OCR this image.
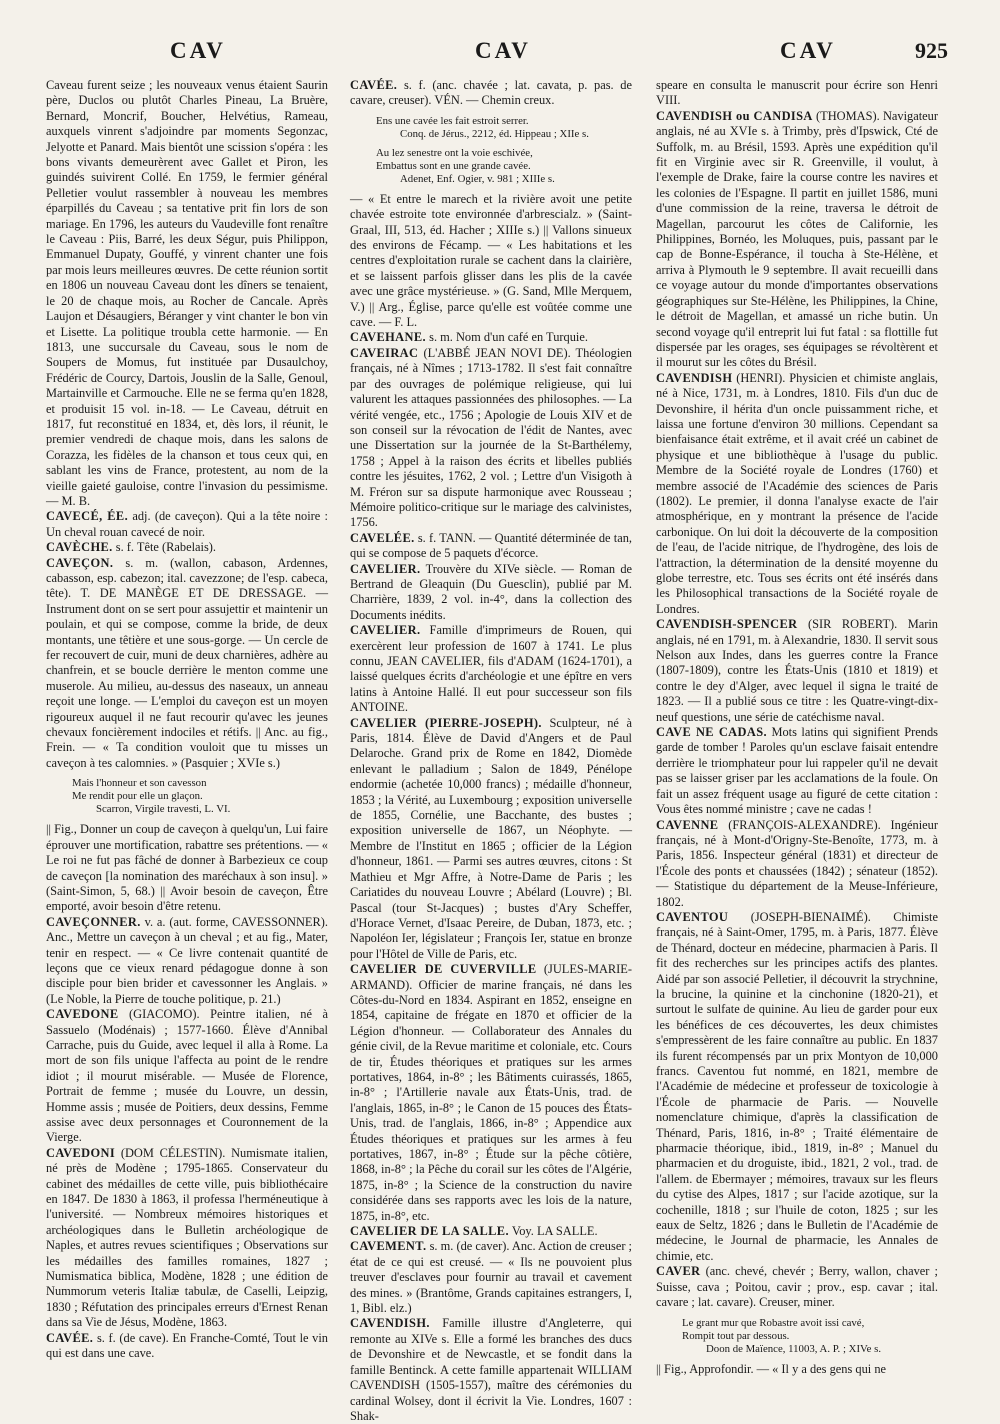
CAV	CAV	CAV	925

Caveau furent seize ; les nouveaux venus étaient Saurin père, Duclos ou plutôt Charles Pineau, La Bruère, Bernard, Moncrif, Boucher, Helvétius, Rameau, auxquels vinrent s'adjoindre par moments Segonzac, Jelyotte et Panard. Mais bientôt une scission s'opéra : les bons vivants demeurèrent avec Gallet et Piron, les guindés suivirent Collé. En 1759, le fermier général Pelletier voulut rassembler à nouveau les membres éparpillés du Caveau ; sa tentative prit fin lors de son mariage. En 1796, les auteurs du Vaudeville font renaître le Caveau : Piis, Barré, les deux Ségur, puis Philippon, Emmanuel Dupaty, Gouffé, y vinrent chanter une fois par mois leurs meilleures œuvres. De cette réunion sortit en 1806 un nouveau Caveau dont les dîners se tenaient, le 20 de chaque mois, au Rocher de Cancale. Après Laujon et Désaugiers, Béranger y vint chanter le bon vin et Lisette. La politique troubla cette harmonie. — En 1813, une succursale du Caveau, sous le nom de Soupers de Momus, fut instituée par Dusaulchoy, Frédéric de Courcy, Dartois, Jouslin de la Salle, Genoul, Martainville et Carmouche. Elle ne se ferma qu'en 1828, et produisit 15 vol. in-18. — Le Caveau, détruit en 1817, fut reconstitué en 1834, et, dès lors, il réunit, le premier vendredi de chaque mois, dans les salons de Corazza, les fidèles de la chanson et tous ceux qui, en sablant les vins de France, protestent, au nom de la vieille gaieté gauloise, contre l'invasion du pessimisme. — M. B.

CAVECÉ, ÉE. adj. (de caveçon). Qui a la tête noire : Un cheval rouan cavecé de noir.

CAVÈCHE. s. f. Tête (Rabelais).

CAVEÇON. s. m. (wallon, cabason, Ardennes, cabasson, esp. cabezon; ital. cavezzone; de l'esp. cabeca, tête). T. DE MANÈGE ET DE DRESSAGE. — Instrument dont on se sert pour assujettir et maintenir un poulain, et qui se compose, comme la bride, de deux montants, une têtière et une sous-gorge. — Un cercle de fer recouvert de cuir, muni de deux charnières, adhère au chanfrein, et se boucle derrière le menton comme une muserole. Au milieu, au-dessus des naseaux, un anneau reçoit une longe. — L'emploi du caveçon est un moyen rigoureux auquel il ne faut recourir qu'avec les jeunes chevaux foncièrement indociles et rétifs. || Anc. au fig., Frein. — « Ta condition vouloit que tu misses un caveçon à tes calomnies. » (Pasquier ; XVIe s.)

Mais l'honneur et son cavesson
Me rendit pour elle un glaçon.
Scarron, Virgile travesti, L. VI.

|| Fig., Donner un coup de caveçon à quelqu'un, Lui faire éprouver une mortification, rabattre ses prétentions. — « Le roi ne fut pas fâché de donner à Barbezieux ce coup de caveçon [la nomination des maréchaux à son insu]. » (Saint-Simon, 5, 68.) || Avoir besoin de caveçon, Être emporté, avoir besoin d'être retenu.

CAVEÇONNER. v. a. (aut. forme, CAVESSONNER). Anc., Mettre un caveçon à un cheval ; et au fig., Mater, tenir en respect. — « Ce livre contenait quantité de leçons que ce vieux renard pédagogue donne à son disciple pour bien brider et cavessonner les Anglais. » (Le Noble, la Pierre de touche politique, p. 21.)

CAVEDONE (GIACOMO). Peintre italien, né à Sassuelo (Modénais) ; 1577-1660. Élève d'Annibal Carrache, puis du Guide, avec lequel il alla à Rome. La mort de son fils unique l'affecta au point de le rendre idiot ; il mourut misérable. — Musée de Florence, Portrait de femme ; musée du Louvre, un dessin, Homme assis ; musée de Poitiers, deux dessins, Femme assise avec deux personnages et Couronnement de la Vierge.

CAVEDONI (DOM CÉLESTIN). Numismate italien, né près de Modène ; 1795-1865. Conservateur du cabinet des médailles de cette ville, puis bibliothécaire en 1847. De 1830 à 1863, il professa l'herméneutique à l'université. — Nombreux mémoires historiques et archéologiques dans le Bulletin archéologique de Naples, et autres revues scientifiques ; Observations sur les médailles des familles romaines, 1827 ; Numismatica biblica, Modène, 1828 ; une édition de Nummorum veteris Italiæ tabulæ, de Caselli, Leipzig, 1830 ; Réfutation des principales erreurs d'Ernest Renan dans sa Vie de Jésus, Modène, 1863.

CAVÉE. s. f. (de cave). En Franche-Comté, Tout le vin qui est dans une cave.

CAVÉE. s. f. (anc. chavée ; lat. cavata, p. pas. de cavare, creuser). VÉN. — Chemin creux.

Ens une cavée les fait estroit serrer.
Conq. de Jérus., 2212, éd. Hippeau ; XIIe s.
Au lez senestre ont la voie eschivée,
Embattus sont en une grande cavée.
Adenet, Enf. Ogier, v. 981 ; XIIIe s.

— « Et entre le marech et la rivière avoit une petite chavée estroite tote environnée d'arbrescialz. » (Saint-Graal, III, 513, éd. Hacher ; XIIIe s.) || Vallons sinueux des environs de Fécamp. — « Les habitations et les centres d'exploitation rurale se cachent dans la clairière, et se laissent parfois glisser dans les plis de la cavée avec une grâce mystérieuse. » (G. Sand, Mlle Merquem, V.) || Arg., Église, parce qu'elle est voûtée comme une cave. — F. L.

CAVEHANE. s. m. Nom d'un café en Turquie.

CAVEIRAC (L'ABBÉ JEAN NOVI DE). Théologien français, né à Nîmes ; 1713-1782. Il s'est fait connaître par des ouvrages de polémique religieuse, qui lui valurent les attaques passionnées des philosophes. — La vérité vengée, etc., 1756 ; Apologie de Louis XIV et de son conseil sur la révocation de l'édit de Nantes, avec une Dissertation sur la journée de la St-Barthélemy, 1758 ; Appel à la raison des écrits et libelles publiés contre les jésuites, 1762, 2 vol. ; Lettre d'un Visigoth à M. Fréron sur sa dispute harmonique avec Rousseau ; Mémoire politico-critique sur le mariage des calvinistes, 1756.

CAVELÉE. s. f. TANN. — Quantité déterminée de tan, qui se compose de 5 paquets d'écorce.

CAVELIER. Trouvère du XIVe siècle. — Roman de Bertrand de Gleaquin (Du Guesclin), publié par M. Charrière, 1839, 2 vol. in-4°, dans la collection des Documents inédits.

CAVELIER. Famille d'imprimeurs de Rouen, qui exercèrent leur profession de 1607 à 1741. Le plus connu, JEAN CAVELIER, fils d'ADAM (1624-1701), a laissé quelques écrits d'archéologie et une épître en vers latins à Antoine Hallé. Il eut pour successeur son fils ANTOINE.

CAVELIER (PIERRE-JOSEPH). Sculpteur, né à Paris, 1814. Élève de David d'Angers et de Paul Delaroche. Grand prix de Rome en 1842, Diomède enlevant le palladium ; Salon de 1849, Pénélope endormie (achetée 10,000 francs) ; médaille d'honneur, 1853 ; la Vérité, au Luxembourg ; exposition universelle de 1855, Cornélie, une Bacchante, des bustes ; exposition universelle de 1867, un Néophyte. — Membre de l'Institut en 1865 ; officier de la Légion d'honneur, 1861. — Parmi ses autres œuvres, citons : St Mathieu et Mgr Affre, à Notre-Dame de Paris ; les Cariatides du nouveau Louvre ; Abélard (Louvre) ; Bl. Pascal (tour St-Jacques) ; bustes d'Ary Scheffer, d'Horace Vernet, d'Isaac Pereire, de Duban, 1873, etc. ; Napoléon Ier, législateur ; François Ier, statue en bronze pour l'Hôtel de Ville de Paris, etc.

CAVELIER DE CUVERVILLE (JULES-MARIE-ARMAND). Officier de marine français, né dans les Côtes-du-Nord en 1834. Aspirant en 1852, enseigne en 1854, capitaine de frégate en 1870 et officier de la Légion d'honneur. — Collaborateur des Annales du génie civil, de la Revue maritime et coloniale, etc. Cours de tir, Études théoriques et pratiques sur les armes portatives, 1864, in-8° ; les Bâtiments cuirassés, 1865, in-8° ; l'Artillerie navale aux États-Unis, trad. de l'anglais, 1865, in-8° ; le Canon de 15 pouces des États-Unis, trad. de l'anglais, 1866, in-8° ; Appendice aux Études théoriques et pratiques sur les armes à feu portatives, 1867, in-8° ; Étude sur la pêche côtière, 1868, in-8° ; la Pêche du corail sur les côtes de l'Algérie, 1875, in-8° ; la Science de la construction du navire considérée dans ses rapports avec les lois de la nature, 1875, in-8°, etc.

CAVELIER DE LA SALLE. Voy. LA SALLE.

CAVEMENT. s. m. (de caver). Anc. Action de creuser ; état de ce qui est creusé. — « Ils ne pouvoient plus treuver d'esclaves pour fournir au travail et cavement des mines. » (Brantôme, Grands capitaines estrangers, I, 1, Bibl. elz.)

CAVENDISH. Famille illustre d'Angleterre, qui remonte au XIVe s. Elle a formé les branches des ducs de Devonshire et de Newcastle, et se fondit dans la famille Bentinck. A cette famille appartenait WILLIAM CAVENDISH (1505-1557), maître des cérémonies du cardinal Wolsey, dont il écrivit la Vie. Londres, 1607 : Shak-

speare en consulta le manuscrit pour écrire son Henri VIII.

CAVENDISH ou CANDISA (THOMAS). Navigateur anglais, né au XVIe s. à Trimby, près d'Ipswick, Cté de Suffolk, m. au Brésil, 1593. Après une expédition qu'il fit en Virginie avec sir R. Greenville, il voulut, à l'exemple de Drake, faire la course contre les navires et les colonies de l'Espagne. Il partit en juillet 1586, muni d'une commission de la reine, traversa le détroit de Magellan, parcourut les côtes de Californie, les Philippines, Bornéo, les Moluques, puis, passant par le cap de Bonne-Espérance, il toucha à Ste-Hélène, et arriva à Plymouth le 9 septembre. Il avait recueilli dans ce voyage autour du monde d'importantes observations géographiques sur Ste-Hélène, les Philippines, la Chine, le détroit de Magellan, et amassé un riche butin. Un second voyage qu'il entreprit lui fut fatal : sa flottille fut dispersée par les orages, ses équipages se révoltèrent et il mourut sur les côtes du Brésil.

CAVENDISH (HENRI). Physicien et chimiste anglais, né à Nice, 1731, m. à Londres, 1810. Fils d'un duc de Devonshire, il hérita d'un oncle puissamment riche, et laissa une fortune d'environ 30 millions. Cependant sa bienfaisance était extrême, et il avait créé un cabinet de physique et une bibliothèque à l'usage du public. Membre de la Société royale de Londres (1760) et membre associé de l'Académie des sciences de Paris (1802). Le premier, il donna l'analyse exacte de l'air atmosphérique, en y montrant la présence de l'acide carbonique. On lui doit la découverte de la composition de l'eau, de l'acide nitrique, de l'hydrogène, des lois de l'attraction, la détermination de la densité moyenne du globe terrestre, etc. Tous ses écrits ont été insérés dans les Philosophical transactions de la Société royale de Londres.

CAVENDISH-SPENCER (SIR ROBERT). Marin anglais, né en 1791, m. à Alexandrie, 1830. Il servit sous Nelson aux Indes, dans les guerres contre la France (1807-1809), contre les États-Unis (1810 et 1819) et contre le dey d'Alger, avec lequel il signa le traité de 1823. — Il a publié sous ce titre : les Quatre-vingt-dix-neuf questions, une série de catéchisme naval.

CAVE NE CADAS. Mots latins qui signifient Prends garde de tomber ! Paroles qu'un esclave faisait entendre derrière le triomphateur pour lui rappeler qu'il ne devait pas se laisser griser par les acclamations de la foule. On fait un assez fréquent usage au figuré de cette citation : Vous êtes nommé ministre ; cave ne cadas !

CAVENNE (FRANÇOIS-ALEXANDRE). Ingénieur français, né à Mont-d'Origny-Ste-Benoîte, 1773, m. à Paris, 1856. Inspecteur général (1831) et directeur de l'École des ponts et chaussées (1842) ; sénateur (1852). — Statistique du département de la Meuse-Inférieure, 1802.

CAVENTOU (JOSEPH-BIENAIMÉ). Chimiste français, né à Saint-Omer, 1795, m. à Paris, 1877. Élève de Thénard, docteur en médecine, pharmacien à Paris. Il fit des recherches sur les principes actifs des plantes. Aidé par son associé Pelletier, il découvrit la strychnine, la brucine, la quinine et la cinchonine (1820-21), et surtout le sulfate de quinine. Au lieu de garder pour eux les bénéfices de ces découvertes, les deux chimistes s'empressèrent de les faire connaître au public. En 1837 ils furent récompensés par un prix Montyon de 10,000 francs. Caventou fut nommé, en 1821, membre de l'Académie de médecine et professeur de toxicologie à l'École de pharmacie de Paris. — Nouvelle nomenclature chimique, d'après la classification de Thénard, Paris, 1816, in-8° ; Traité élémentaire de pharmacie théorique, ibid., 1819, in-8° ; Manuel du pharmacien et du droguiste, ibid., 1821, 2 vol., trad. de l'allem. de Ebermayer ; mémoires, travaux sur les fleurs du cytise des Alpes, 1817 ; sur l'acide azotique, sur la cochenille, 1818 ; sur l'huile de coton, 1825 ; sur les eaux de Seltz, 1826 ; dans le Bulletin de l'Académie de médecine, le Journal de pharmacie, les Annales de chimie, etc.

CAVER (anc. chevé, chevér ; Berry, wallon, chaver ; Suisse, cava ; Poitou, cavir ; prov., esp. cavar ; ital. cavare ; lat. cavare). Creuser, miner.

Le grant mur que Robastre avoit issi cavé,
Rompit tout par dessous.
Doon de Maïence, 11003, A. P. ; XIVe s.

|| Fig., Approfondir. — « Il y a des gens qui ne
